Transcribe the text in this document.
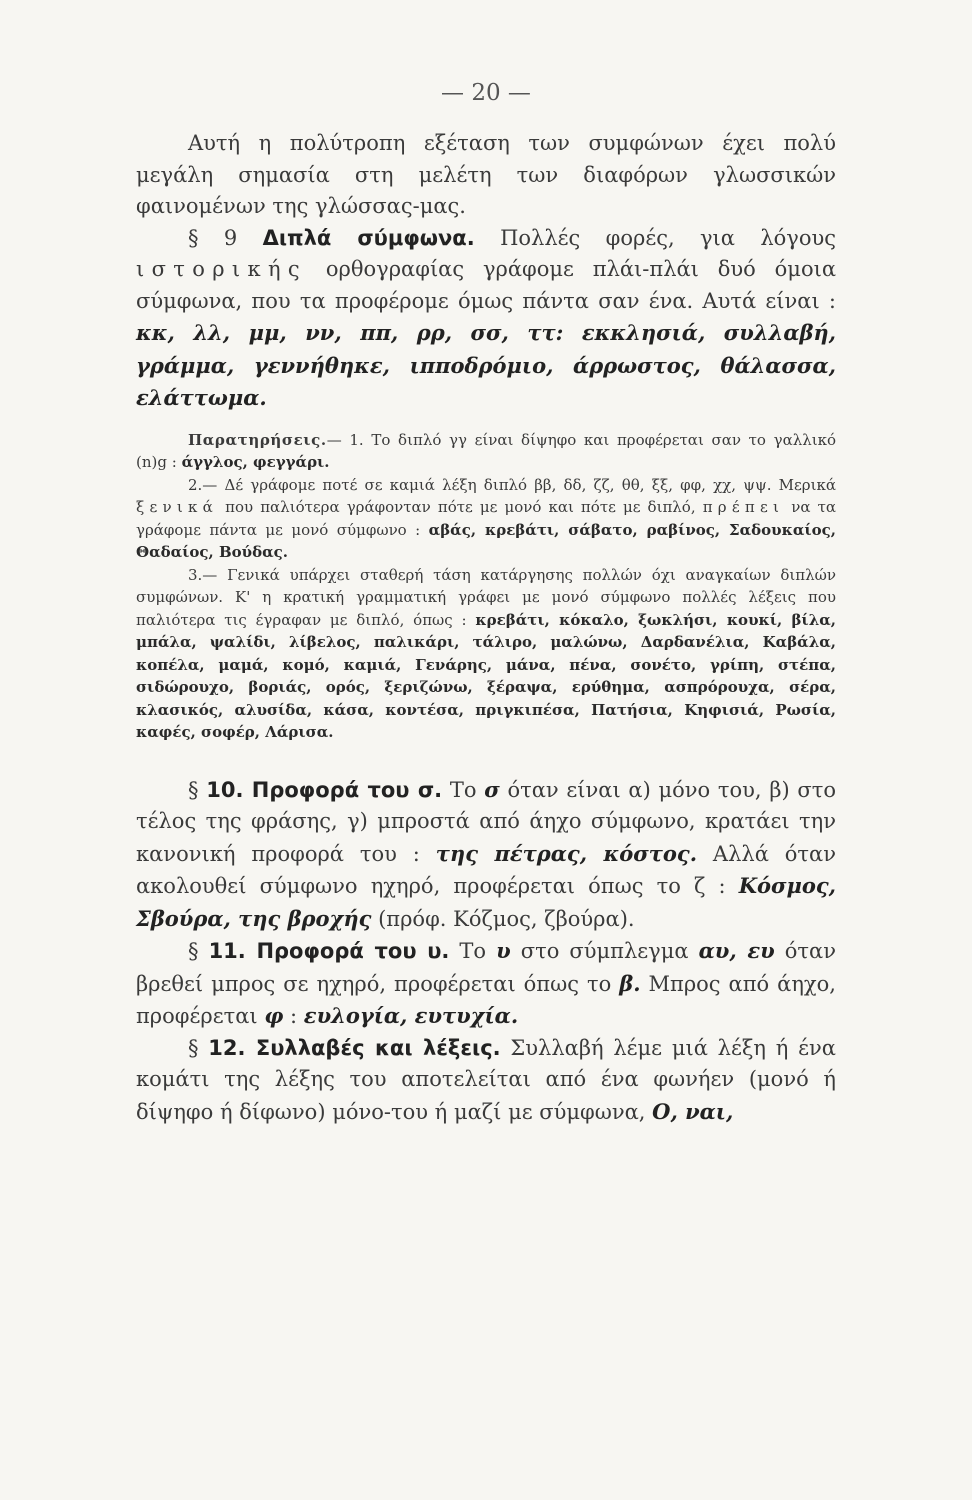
— 20 —

Αυτή η πολύτροπη εξέταση των συμφώνων έχει πολύ μεγάλη σημασία στη μελέτη των διαφόρων γλωσσικών φαινομένων της γλώσσας-μας.

§ 9 Διπλά σύμφωνα. Πολλές φορές, για λόγους ιστορικής ορθογραφίας γράφομε πλάι-πλάι δυό όμοια σύμφωνα, που τα προφέρομε όμως πάντα σαν ένα. Αυτά είναι : κκ, λλ, μμ, νν, ππ, ρρ, σσ, ττ: εκκλησιά, συλλαβή, γράμμα, γεννήθηκε, ιπποδρόμιο, άρρωστος, θάλασσα, ελάττωμα.

Παρατηρήσεις.— 1. Το διπλό γγ είναι δίψηφο και προφέρεται σαν το γαλλικό (n)g : άγγλος, φεγγάρι.

2.— Δέ γράφομε ποτέ σε καμιά λέξη διπλό ββ, δδ, ζζ, θθ, ξξ, φφ, χχ, ψψ. Μερικά ξενικά που παλιότερα γράφονταν πότε με μονό και πότε με διπλό, πρέπει να τα γράφομε πάντα με μονό σύμφωνο : αβάς, κρεβάτι, σάβατο, ραβίνος, Σαδουκαίος, Θαδαίος, Βούδας.

3.— Γενικά υπάρχει σταθερή τάση κατάργησης πολλών όχι αναγκαίων διπλών συμφώνων. Κ' η κρατική γραμματική γράφει με μονό σύμφωνο πολλές λέξεις που παλιότερα τις έγραφαν με διπλό, όπως : κρεβάτι, κόκαλο, ξωκλήσι, κουκί, βίλα, μπάλα, ψαλίδι, λίβελος, παλικάρι, τάλιρο, μαλώνω, Δαρδανέλια, Καβάλα, κοπέλα, μαμά, κομό, καμιά, Γενάρης, μάνα, πένα, σονέτο, γρίπη, στέπα, σιδώρουχο, βοριάς, ορός, ξεριζώνω, ξέραψα, ερύθημα, ασπρόρουχα, σέρα, κλασικός, αλυσίδα, κάσα, κοντέσα, πριγκιπέσα, Πατήσια, Κηφισιά, Ρωσία, καφές, σοφέρ, Λάρισα.

§ 10. Προφορά του σ. Το σ όταν είναι α) μόνο του, β) στο τέλος της φράσης, γ) μπροστά από άηχο σύμφωνο, κρατάει την κανονική προφορά του : της πέτρας, κόστος. Αλλά όταν ακολουθεί σύμφωνο ηχηρό, προφέρεται όπως το ζ : Κόσμος, Σβούρα, της βροχής (πρόφ. Κόζμος, ζβούρα).

§ 11. Προφορά του υ. Το υ στο σύμπλεγμα αυ, ευ όταν βρεθεί μπρος σε ηχηρό, προφέρεται όπως το β. Μπρος από άηχο, προφέρεται φ : ευλογία, ευτυχία.

§ 12. Συλλαβές και λέξεις. Συλλαβή λέμε μιά λέξη ή ένα κομάτι της λέξης του αποτελείται από ένα φωνήεν (μονό ή δίψηφο ή δίφωνο) μόνο-του ή μαζί με σύμφωνα, Ο, ναι,
